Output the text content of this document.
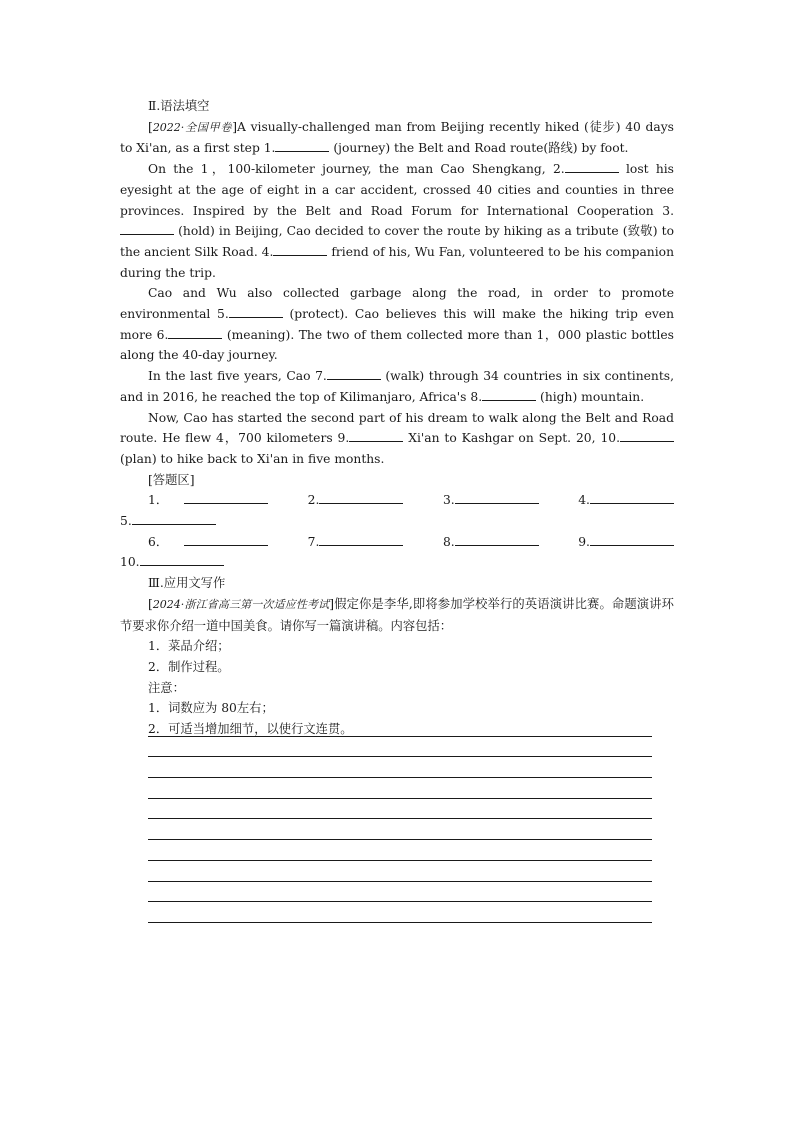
Ⅱ.语法填空

[2022·全国甲卷]A visually-challenged man from Beijing recently hiked (徒步) 40 days to Xi'an, as a first step 1.	(journey) the Belt and Road route(路线) by foot.

On the 1，100-kilometer journey, the man Cao Shengkang, 2.	lost his eyesight at the age of eight in a car accident, crossed 40 cities and counties in three provinces. Inspired by the Belt and Road Forum for International Cooperation 3. (hold) in Beijing, Cao decided to cover the route by hiking as a tribute (致敬) to the ancient Silk Road. 4.	friend of his, Wu Fan, volunteered to be his companion during the trip.

Cao and Wu also collected garbage along the road, in order to promote environmental 5.	(protect). Cao believes this will make the hiking trip even more 6.	(meaning). The two of them collected more than 1，000 plastic bottles along the 40-day journey.

In the last five years, Cao 7.	(walk) through 34 countries in six continents, and in 2016, he reached the top of Kilimanjaro, Africa's 8.	(high) mountain.

Now, Cao has started the second part of his dream to walk along the Belt and Road route. He flew 4，700 kilometers 9.	Xi'an to Kashgar on Sept. 20, 10. (plan) to hike back to Xi'an in five months.

[答题区]

1．	2.	3.	4.
5.
6．	7.	8.	9.
10.

Ⅲ.应用文写作

[2024·浙江省高三第一次适应性考试]假定你是李华,即将参加学校举行的英语演讲比赛。命题演讲环节要求你介绍一道中国美食。请你写一篇演讲稿。内容包括：

1．菜品介绍；

2．制作过程。

注意：

1．词数应为 80左右；

2．可适当增加细节，以使行文连贯。
